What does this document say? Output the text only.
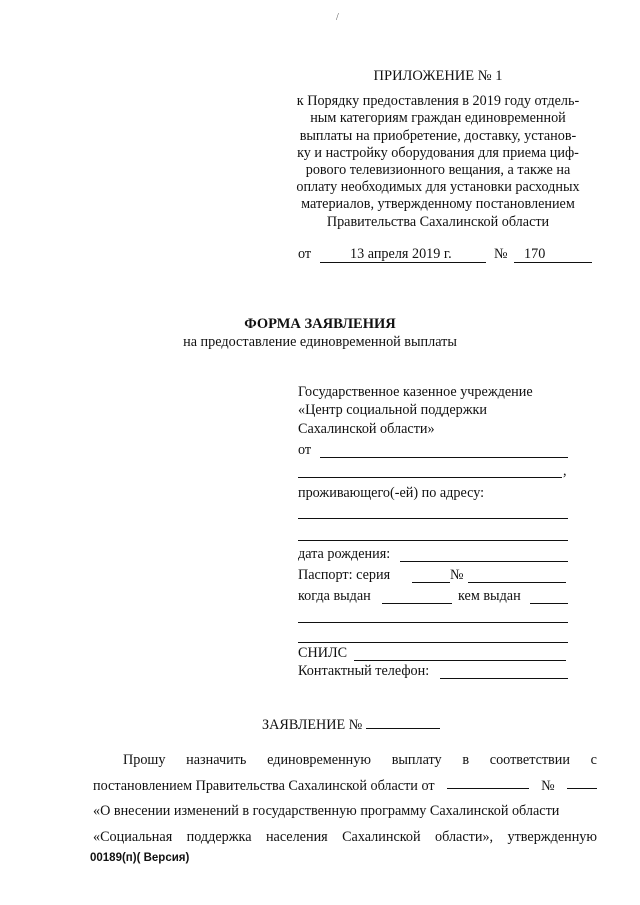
/
ПРИЛОЖЕНИЕ № 1
к Порядку предоставления в 2019 году отдель-
ным категориям граждан единовременной
выплаты на приобретение, доставку, установ-
ку и настройку оборудования для приема циф-
рового телевизионного вещания, а также на
оплату необходимых для установки расходных
материалов, утвержденному постановлением
Правительства Сахалинской области
от	13 апреля 2019 г.	№ 170
ФОРМА ЗАЯВЛЕНИЯ
на предоставление единовременной выплаты
Государственное казенное учреждение
«Центр социальной поддержки
Сахалинской области»
от
,
проживающего(-ей) по адресу:
дата рождения:
Паспорт: серия	№
когда выдан	кем выдан
СНИЛС
Контактный телефон:
ЗАЯВЛЕНИЕ №
Прошу назначить единовременную выплату в соответствии с
постановлением Правительства Сахалинской области от	№
«О внесении изменений в государственную программу Сахалинской области
«Социальная поддержка населения Сахалинской области», утвержденную
00189(п)( Версия)
